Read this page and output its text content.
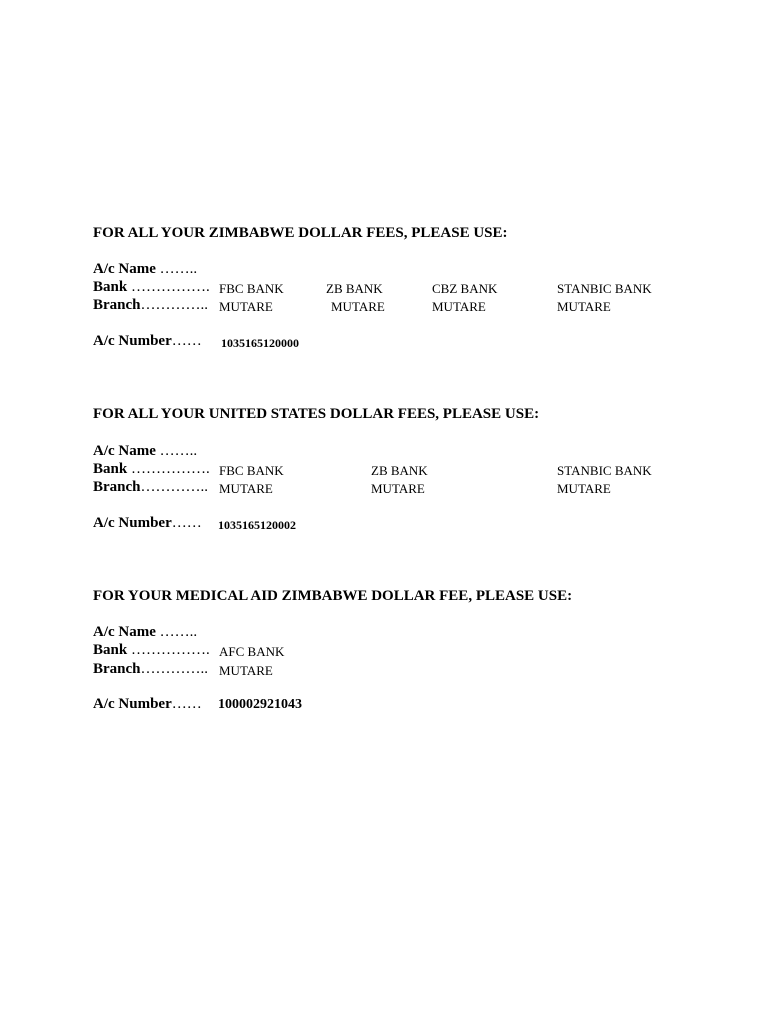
FOR ALL YOUR ZIMBABWE DOLLAR FEES, PLEASE USE:
A/c Name ……..
Bank ……………. FBC BANK	ZB BANK	CBZ BANK	STANBIC BANK
Branch………….. MUTARE	MUTARE	MUTARE	MUTARE
A/c Number…… 1035165120000
FOR ALL YOUR UNITED STATES DOLLAR FEES, PLEASE USE:
A/c Name ……..
Bank ……………. FBC BANK	ZB BANK	STANBIC BANK
Branch………….. MUTARE	MUTARE	MUTARE
A/c Number…… 1035165120002
FOR YOUR MEDICAL AID ZIMBABWE DOLLAR FEE, PLEASE USE:
A/c Name ……..
Bank ……………. AFC BANK
Branch………….. MUTARE
A/c Number…… 100002921043
